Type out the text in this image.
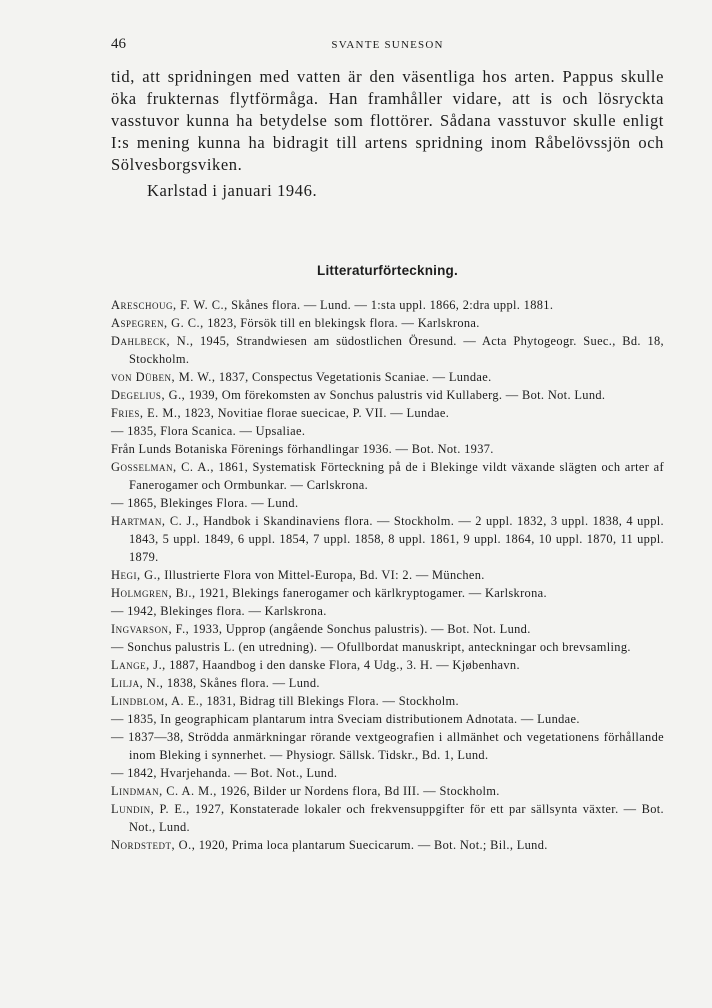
46	SVANTE SUNESON

tid, att spridningen med vatten är den väsentliga hos arten. Pappus skulle öka frukternas flytförmåga. Han framhåller vidare, att is och lösryckta vasstuvor kunna ha betydelse som flottörer. Sådana vasstuvor skulle enligt I:s mening kunna ha bidragit till artens spridning inom Råbelövssjön och Sölvesborgsviken.

Karlstad i januari 1946.
Litteraturförteckning.
Areschoug, F. W. C., Skånes flora. — Lund. — 1:sta uppl. 1866, 2:dra uppl. 1881.
Aspegren, G. C., 1823, Försök till en blekingsk flora. — Karlskrona.
Dahlbeck, N., 1945, Strandwiesen am südostlichen Öresund. — Acta Phytogeogr. Suec., Bd. 18, Stockholm.
von Düben, M. W., 1837, Conspectus Vegetationis Scaniae. — Lundae.
Degelius, G., 1939, Om förekomsten av Sonchus palustris vid Kullaberg. — Bot. Not. Lund.
Fries, E. M., 1823, Novitiae florae suecicae, P. VII. — Lundae.
— 1835, Flora Scanica. — Upsaliae.
Från Lunds Botaniska Förenings förhandlingar 1936. — Bot. Not. 1937.
Gosselman, C. A., 1861, Systematisk Förteckning på de i Blekinge vildt växande slägten och arter af Fanerogamer och Ormbunkar. — Carlskrona.
— 1865, Blekinges Flora. — Lund.
Hartman, C. J., Handbok i Skandinaviens flora. — Stockholm. — 2 uppl. 1832, 3 uppl. 1838, 4 uppl. 1843, 5 uppl. 1849, 6 uppl. 1854, 7 uppl. 1858, 8 uppl. 1861, 9 uppl. 1864, 10 uppl. 1870, 11 uppl. 1879.
Hegi, G., Illustrierte Flora von Mittel-Europa, Bd. VI: 2. — München.
Holmgren, Bj., 1921, Blekings fanerogamer och kärlkryptogamer. — Karlskrona.
— 1942, Blekinges flora. — Karlskrona.
Ingvarson, F., 1933, Upprop (angående Sonchus palustris). — Bot. Not. Lund.
— Sonchus palustris L. (en utredning). — Ofullbordat manuskript, anteckningar och brevsamling.
Lange, J., 1887, Haandbog i den danske Flora, 4 Udg., 3. H. — Kjøbenhavn.
Lilja, N., 1838, Skånes flora. — Lund.
Lindblom, A. E., 1831, Bidrag till Blekings Flora. — Stockholm.
— 1835, In geographicam plantarum intra Sveciam distributionem Adnotata. — Lundae.
— 1837—38, Strödda anmärkningar rörande vextgeografien i allmänhet och vegetationens förhållande inom Bleking i synnerhet. — Physiogr. Sällsk. Tidskr., Bd. 1, Lund.
— 1842, Hvarjehanda. — Bot. Not., Lund.
Lindman, C. A. M., 1926, Bilder ur Nordens flora, Bd III. — Stockholm.
Lundin, P. E., 1927, Konstaterade lokaler och frekvensuppgifter för ett par sällsynta växter. — Bot. Not., Lund.
Nordstedt, O., 1920, Prima loca plantarum Suecicarum. — Bot. Not.; Bil., Lund.
